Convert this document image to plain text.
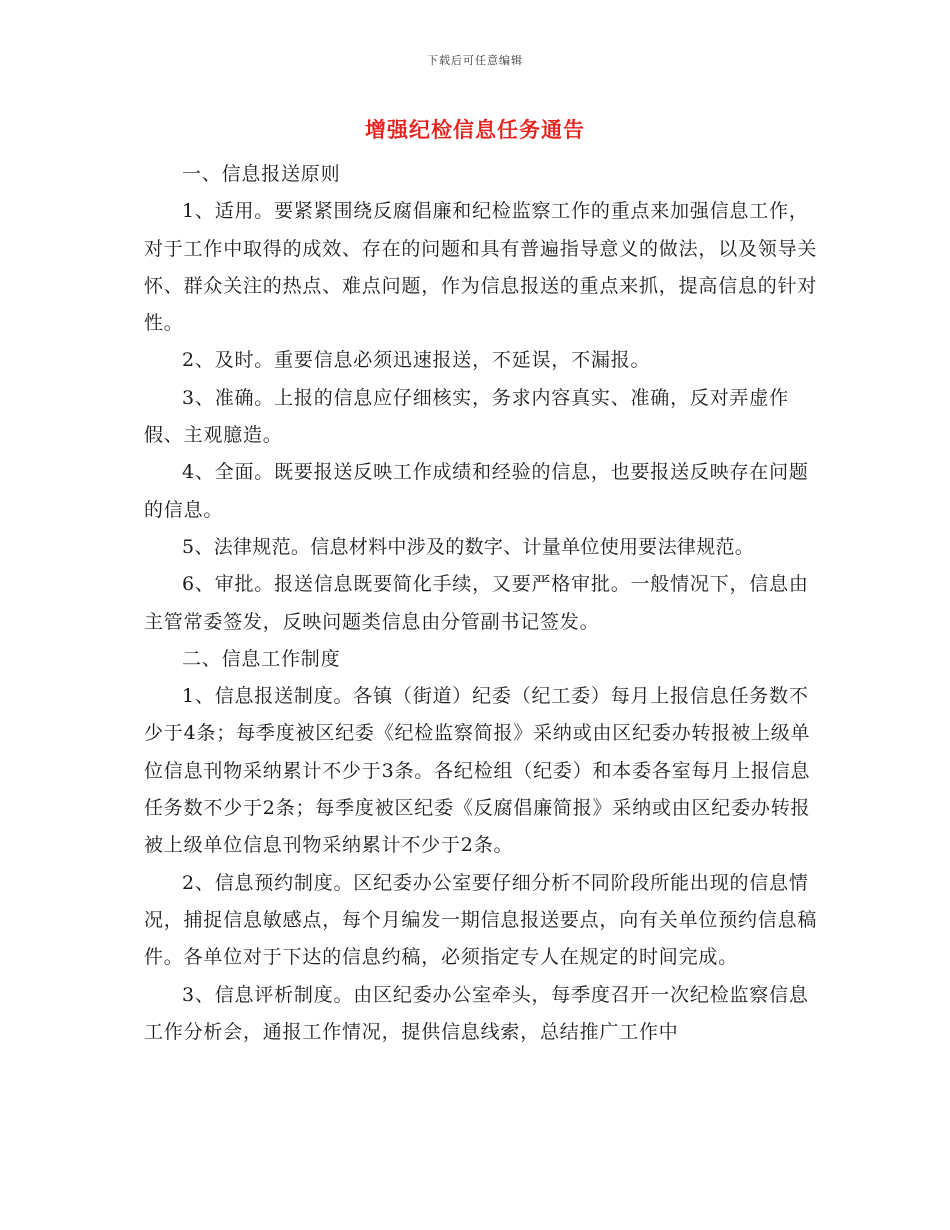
下载后可任意编辑
增强纪检信息任务通告

一、信息报送原则

1、适用。要紧紧围绕反腐倡廉和纪检监察工作的重点来加强信息工作，对于工作中取得的成效、存在的问题和具有普遍指导意义的做法，以及领导关怀、群众关注的热点、难点问题，作为信息报送的重点来抓，提高信息的针对性。

2、及时。重要信息必须迅速报送，不延误，不漏报。

3、准确。上报的信息应仔细核实，务求内容真实、准确，反对弄虚作假、主观臆造。

4、全面。既要报送反映工作成绩和经验的信息，也要报送反映存在问题的信息。

5、法律规范。信息材料中涉及的数字、计量单位使用要法律规范。

6、审批。报送信息既要简化手续，又要严格审批。一般情况下，信息由主管常委签发，反映问题类信息由分管副书记签发。

二、信息工作制度

1、信息报送制度。各镇（街道）纪委（纪工委）每月上报信息任务数不少于4条；每季度被区纪委《纪检监察简报》采纳或由区纪委办转报被上级单位信息刊物采纳累计不少于3条。各纪检组（纪委）和本委各室每月上报信息任务数不少于2条；每季度被区纪委《反腐倡廉简报》采纳或由区纪委办转报被上级单位信息刊物采纳累计不少于2条。

2、信息预约制度。区纪委办公室要仔细分析不同阶段所能出现的信息情况，捕捉信息敏感点，每个月编发一期信息报送要点，向有关单位预约信息稿件。各单位对于下达的信息约稿，必须指定专人在规定的时间完成。

3、信息评析制度。由区纪委办公室牵头，每季度召开一次纪检监察信息工作分析会，通报工作情况，提供信息线索，总结推广工作中
